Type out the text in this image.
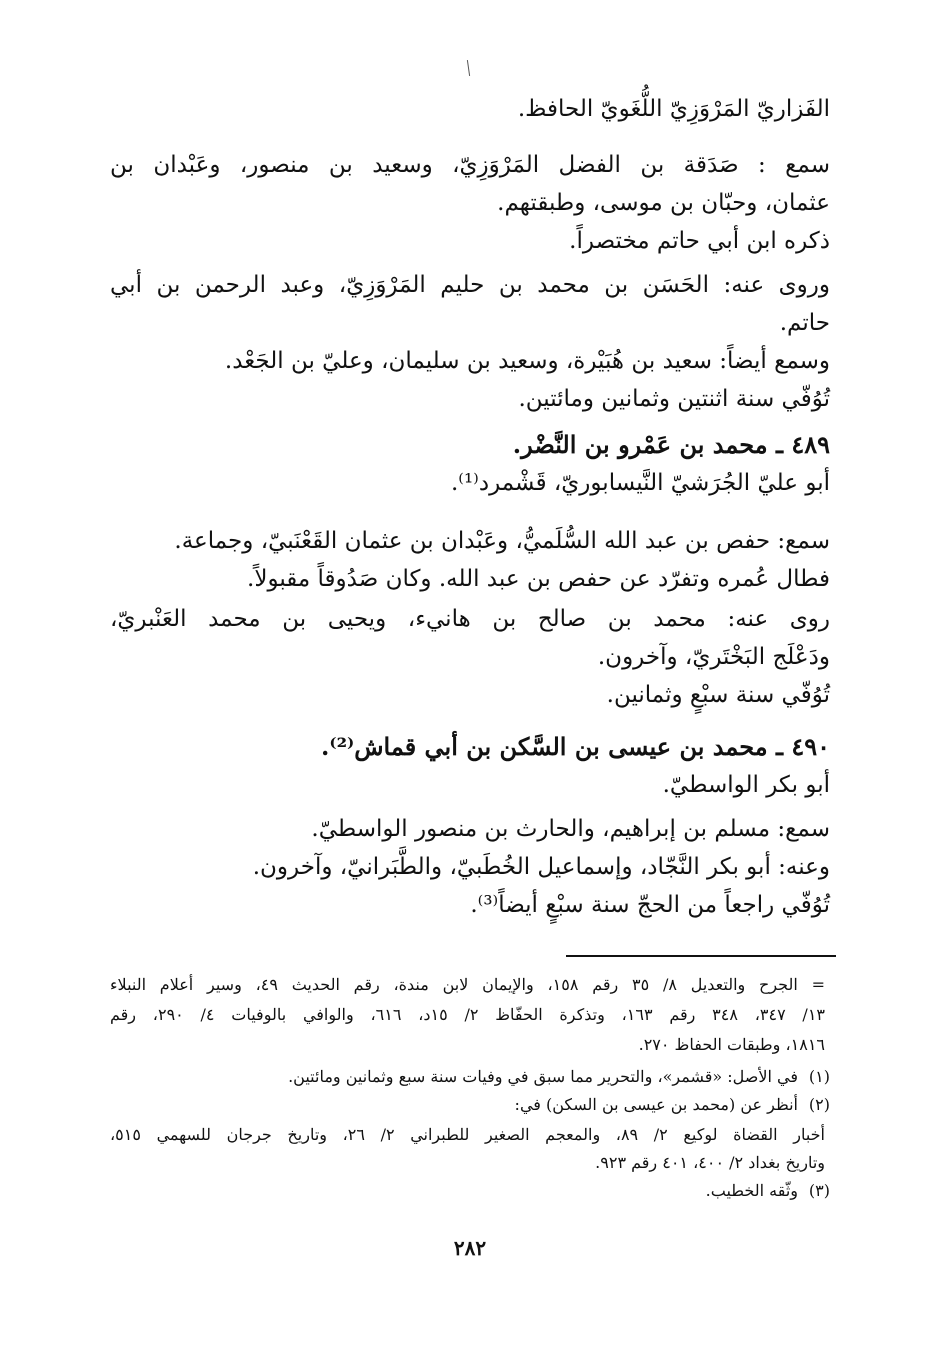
الفَزاريّ المَرْوَزِيّ اللُّغَويّ الحافظ.
سمع : صَدَقة بن الفضل المَرْوَزِيّ، وسعيد بن منصور، وعَبْدان بن
عثمان، وحبّان بن موسى، وطبقتهم.
ذكره ابن أبي حاتم مختصراً.
وروى عنه: الحَسَن بن محمد بن حليم المَرْوَزِيّ، وعبد الرحمن بن أبي
حاتم.
وسمع أيضاً: سعيد بن هُبَيْرة، وسعيد بن سليمان، وعليّ بن الجَعْد.
تُوُفّي سنة اثنتين وثمانين ومائتين.
٤٨٩ ـ محمد بن عَمْرو بن النَّضْر.
أبو عليّ الجُرَشيّ النَّيسابوريّ، قَشْمرد⁽¹⁾.
سمع: حفص بن عبد الله السُّلَميُّ، وعَبْدان بن عثمان القَعْنَبيّ، وجماعة.
فطال عُمره وتفرّد عن حفص بن عبد الله. وكان صَدُوقاً مقبولاً.
روى عنه: محمد بن صالح بن هانيء، ويحيى بن محمد العَنْبريّ،
ودَعْلَج البَخْتَريّ، وآخرون.
تُوُفّي سنة سبْعٍ وثمانين.
٤٩٠ ـ محمد بن عيسى بن السَّكن بن أبي قماش⁽²⁾.
أبو بكر الواسطيّ.
سمع: مسلم بن إبراهيم، والحارث بن منصور الواسطيّ.
وعنه: أبو بكر النَّجّاد، وإسماعيل الخُطَبيّ، والطَّبَرانيّ، وآخرون.
تُوُفّي راجعاً من الحجّ سنة سبْعٍ أيضاً⁽³⁾.
= الجرح والتعديل ٨/ ٣٥ رقم ١٥٨، والإيمان لابن مندة، رقم الحديث ٤٩، وسير أعلام النبلاء
١٣/ ٣٤٧، ٣٤٨ رقم ١٦٣، وتذكرة الحفّاظ ٢/ ١٥د، ٦١٦، والوافي بالوفيات ٤/ ٢٩٠، رقم
١٨١٦، وطبقات الحفاظ ٢٧٠.
(١)
في الأصل: «قشمر»، والتحرير مما سبق في وفيات سنة سبع وثمانين ومائتين.
(٢)
أنظر عن (محمد بن عيسى بن السكن) في:
أخبار القضاة لوكيع ٢/ ٨٩، والمعجم الصغير للطبراني ٢/ ٢٦، وتاريخ جرجان للسهمي ٥١٥،
وتاريخ بغداد ٢/ ٤٠٠، ٤٠١ رقم ٩٢٣.
(٣)
وثّقه الخطيب.
٢٨٢
